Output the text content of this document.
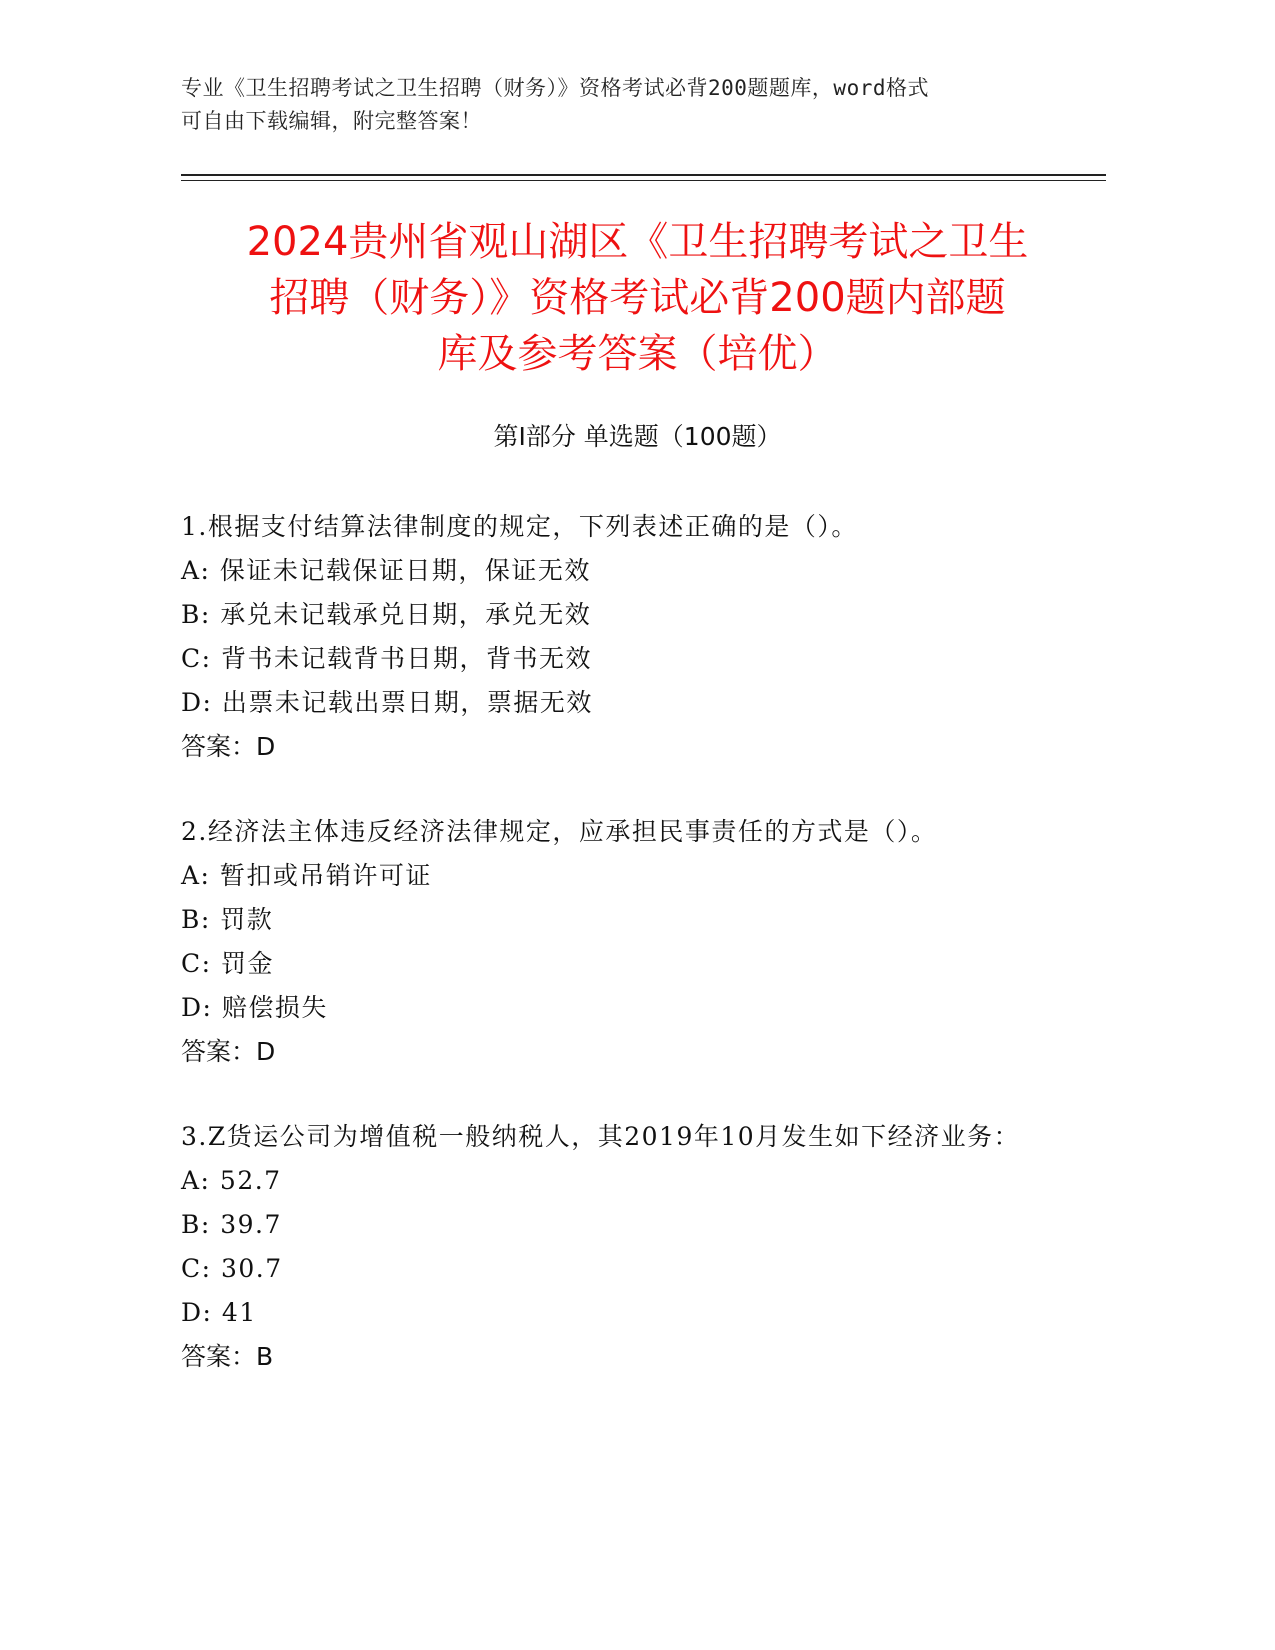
专业《卫生招聘考试之卫生招聘（财务）》资格考试必背200题题库，word格式
可自由下载编辑，附完整答案！
2024贵州省观山湖区《卫生招聘考试之卫生
招聘（财务）》资格考试必背200题内部题
库及参考答案（培优）
第Ⅰ部分 单选题（100题）
1.根据支付结算法律制度的规定，下列表述正确的是（）。
A: 保证未记载保证日期，保证无效
B: 承兑未记载承兑日期，承兑无效
C: 背书未记载背书日期，背书无效
D: 出票未记载出票日期，票据无效
答案：D
2.经济法主体违反经济法律规定，应承担民事责任的方式是（）。
A: 暂扣或吊销许可证
B: 罚款
C: 罚金
D: 赔偿损失
答案：D
3.Z货运公司为增值税一般纳税人，其2019年10月发生如下经济业务：
A: 52.7
B: 39.7
C: 30.7
D: 41
答案：B
